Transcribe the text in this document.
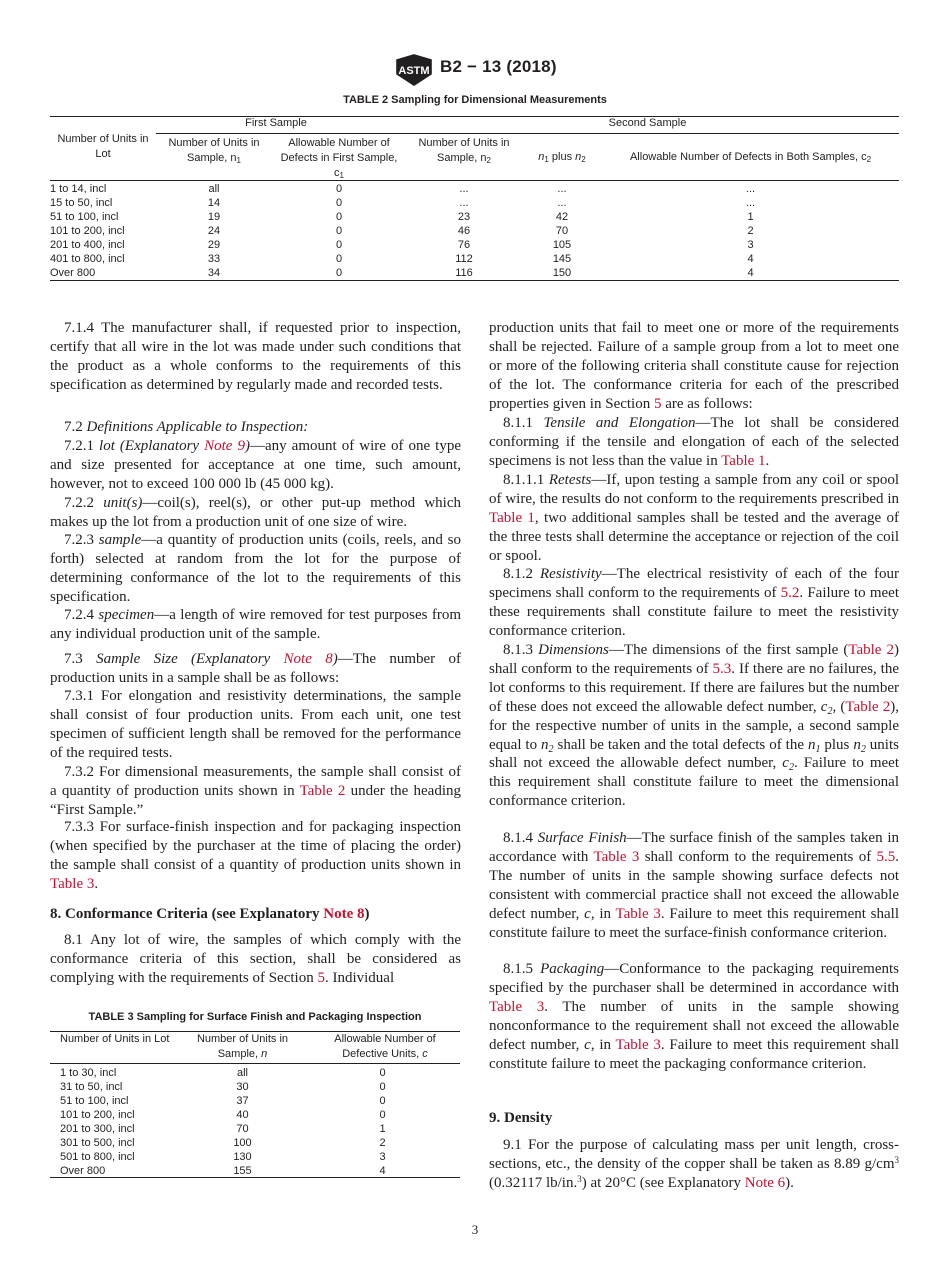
ASTM B2 − 13 (2018)
TABLE 2 Sampling for Dimensional Measurements
First Sample	Second Sample
Number of Units in Lot
Number of Units in Sample, $n_1$
Allowable Number of Defects in First Sample, $c_1$
Number of Units in Sample, $n_2$	$n_1$ plus $n_2$	Allowable Number of Defects in Both Samples, $c_2$
1 to 14, incl	all	0	...	...	...
15 to 50, incl	14	0	...	...	...
51 to 100, incl	19	0	23	42	1
101 to 200, incl	24	0	46	70	2
201 to 400, incl	29	0	76	105	3
401 to 800, incl	33	0	112	145	4
Over 800	34	0	116	150	4
7.1.4 The manufacturer shall, if requested prior to inspection, certify that all wire in the lot was made under such conditions that the product as a whole conforms to the requirements of this specification as determined by regularly made and recorded tests.
7.2 Definitions Applicable to Inspection:
7.2.1 lot (Explanatory Note 9)—any amount of wire of one type and size presented for acceptance at one time, such amount, however, not to exceed 100 000 lb (45 000 kg).
7.2.2 unit(s)—coil(s), reel(s), or other put-up method which makes up the lot from a production unit of one size of wire.
7.2.3 sample—a quantity of production units (coils, reels, and so forth) selected at random from the lot for the purpose of determining conformance of the lot to the requirements of this specification.
7.2.4 specimen—a length of wire removed for test purposes from any individual production unit of the sample.
7.3 Sample Size (Explanatory Note 8)—The number of production units in a sample shall be as follows:
7.3.1 For elongation and resistivity determinations, the sample shall consist of four production units. From each unit, one test specimen of sufficient length shall be removed for the performance of the required tests.
7.3.2 For dimensional measurements, the sample shall consist of a quantity of production units shown in Table 2 under the heading “First Sample.”
7.3.3 For surface-finish inspection and for packaging inspection (when specified by the purchaser at the time of placing the order) the sample shall consist of a quantity of production units shown in Table 3.
8. Conformance Criteria (see Explanatory Note 8)
8.1 Any lot of wire, the samples of which comply with the conformance criteria of this section, shall be considered as complying with the requirements of Section 5. Individual
TABLE 3 Sampling for Surface Finish and Packaging Inspection
Number of Units in Lot	Number of Units in Sample, n
Allowable Number of Defective Units, c
1 to 30, incl	all	0
31 to 50, incl	30	0
51 to 100, incl	37	0
101 to 200, incl	40	0
201 to 300, incl	70	1
301 to 500, incl	100	2
501 to 800, incl	130	3
Over 800	155	4
production units that fail to meet one or more of the requirements shall be rejected. Failure of a sample group from a lot to meet one or more of the following criteria shall constitute cause for rejection of the lot. The conformance criteria for each of the prescribed properties given in Section 5 are as follows:
8.1.1 Tensile and Elongation—The lot shall be considered conforming if the tensile and elongation of each of the selected specimens is not less than the value in Table 1.
8.1.1.1 Retests—If, upon testing a sample from any coil or spool of wire, the results do not conform to the requirements prescribed in Table 1, two additional samples shall be tested and the average of the three tests shall determine the acceptance or rejection of the coil or spool.
8.1.2 Resistivity—The electrical resistivity of each of the four specimens shall conform to the requirements of 5.2. Failure to meet these requirements shall constitute failure to meet the resistivity conformance criterion.
8.1.3 Dimensions—The dimensions of the first sample (Table 2) shall conform to the requirements of 5.3. If there are no failures, the lot conforms to this requirement. If there are failures but the number of these does not exceed the allowable defect number, $c_2$, (Table 2), for the respective number of units in the sample, a second sample equal to $n_2$ shall be taken and the total defects of the $n_1$ plus $n_2$ units shall not exceed the allowable defect number, $c_2$. Failure to meet this requirement shall constitute failure to meet the dimensional conformance criterion.
8.1.4 Surface Finish—The surface finish of the samples taken in accordance with Table 3 shall conform to the requirements of 5.5. The number of units in the sample showing surface defects not consistent with commercial practice shall not exceed the allowable defect number, c, in Table 3. Failure to meet this requirement shall constitute failure to meet the surface-finish conformance criterion.
8.1.5 Packaging—Conformance to the packaging requirements specified by the purchaser shall be determined in accordance with Table 3. The number of units in the sample showing nonconformance to the requirement shall not exceed the allowable defect number, c, in Table 3. Failure to meet this requirement shall constitute failure to meet the packaging conformance criterion.
9. Density
9.1 For the purpose of calculating mass per unit length, cross-sections, etc., the density of the copper shall be taken as 8.89 $g/cm^3$ (0.32117 lb/in.$^3$) at 20°C (see Explanatory Note 6).
3
